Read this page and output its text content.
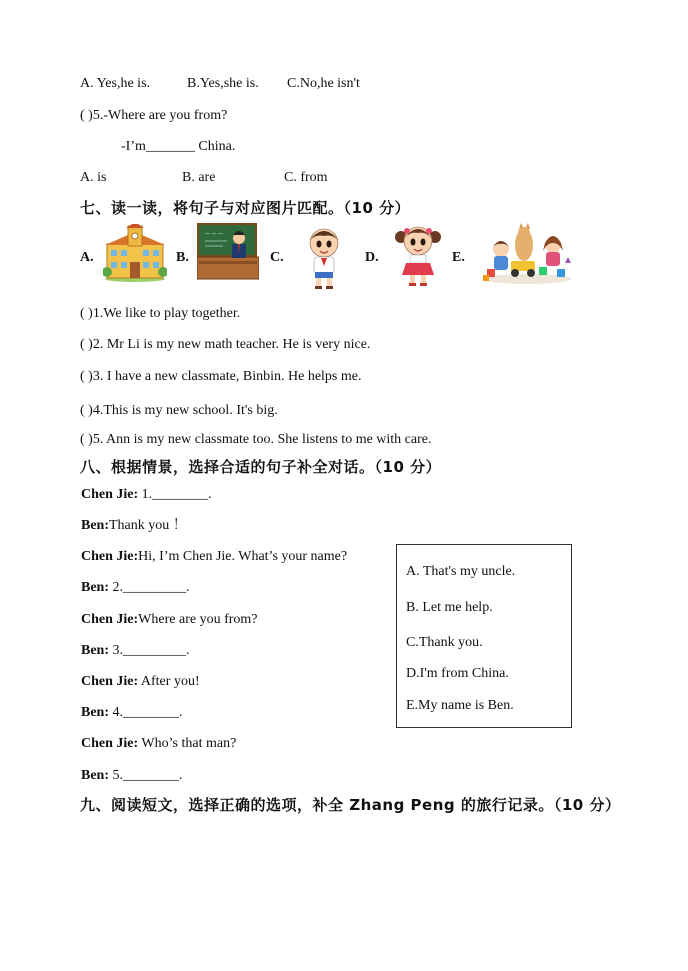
A. Yes,he is.	B.Yes,she is. C.No,he isn't
( )5.-Where are you from?
-I’m_______ China.
A. is	B. are	C. from
七、读一读，将句子与对应图片匹配。（10 分）
A.	B.
— — —
C.	D.	E.
( )1.We like to play together.
( )2. Mr Li is my new math teacher. He is very nice.
( )3. I have a new classmate, Binbin. He helps me.
( )4.This is my new school. It's big.
( )5. Ann is my new classmate too. She listens to me with care.
八、根据情景，选择合适的句子补全对话。（10 分）
Chen Jie: 1.________.
Ben:Thank you ！
Chen Jie:Hi, I’m Chen Jie. What’s your name?
Ben: 2._________.
Chen Jie:Where are you from?
Ben: 3._________.
Chen Jie: After you!
Ben: 4.________.
Chen Jie: Who’s that man?
Ben: 5.________.
A. That's my uncle.
B. Let me help.
C.Thank you.
D.I'm from China.
E.My name is Ben.
九、阅读短文，选择正确的选项，补全 Zhang Peng 的旅行记录。（10 分）
